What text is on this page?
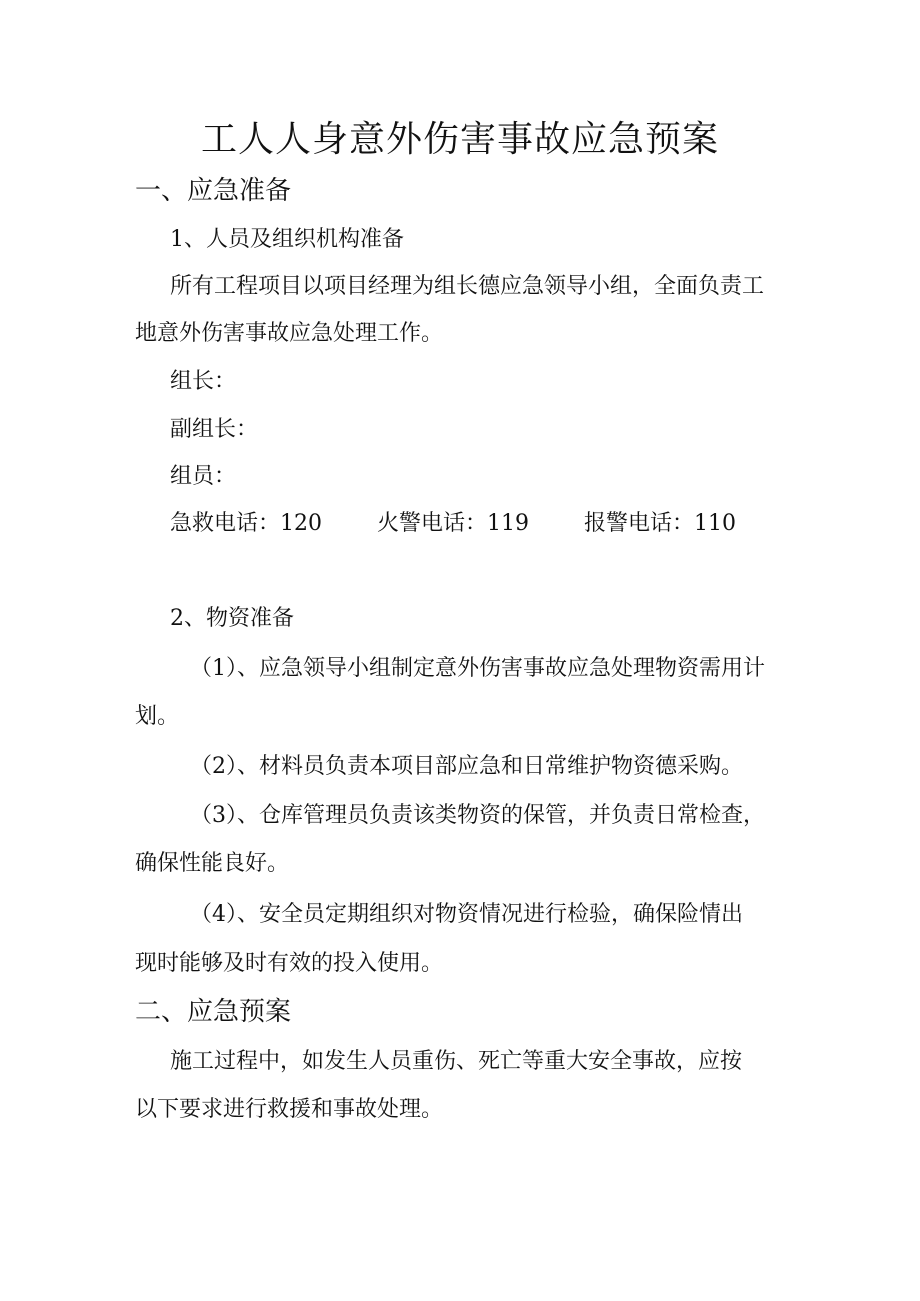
工人人身意外伤害事故应急预案
一、应急准备
1、人员及组织机构准备
所有工程项目以项目经理为组长德应急领导小组，全面负责工
地意外伤害事故应急处理工作。
组长：
副组长：
组员：
急救电话：120	火警电话：119	报警电话：110
2、物资准备
（1）、应急领导小组制定意外伤害事故应急处理物资需用计
划。
（2）、材料员负责本项目部应急和日常维护物资德采购。
（3）、仓库管理员负责该类物资的保管，并负责日常检查，
确保性能良好。
（4）、安全员定期组织对物资情况进行检验，确保险情出
现时能够及时有效的投入使用。
二、应急预案
施工过程中，如发生人员重伤、死亡等重大安全事故，应按
以下要求进行救援和事故处理。
